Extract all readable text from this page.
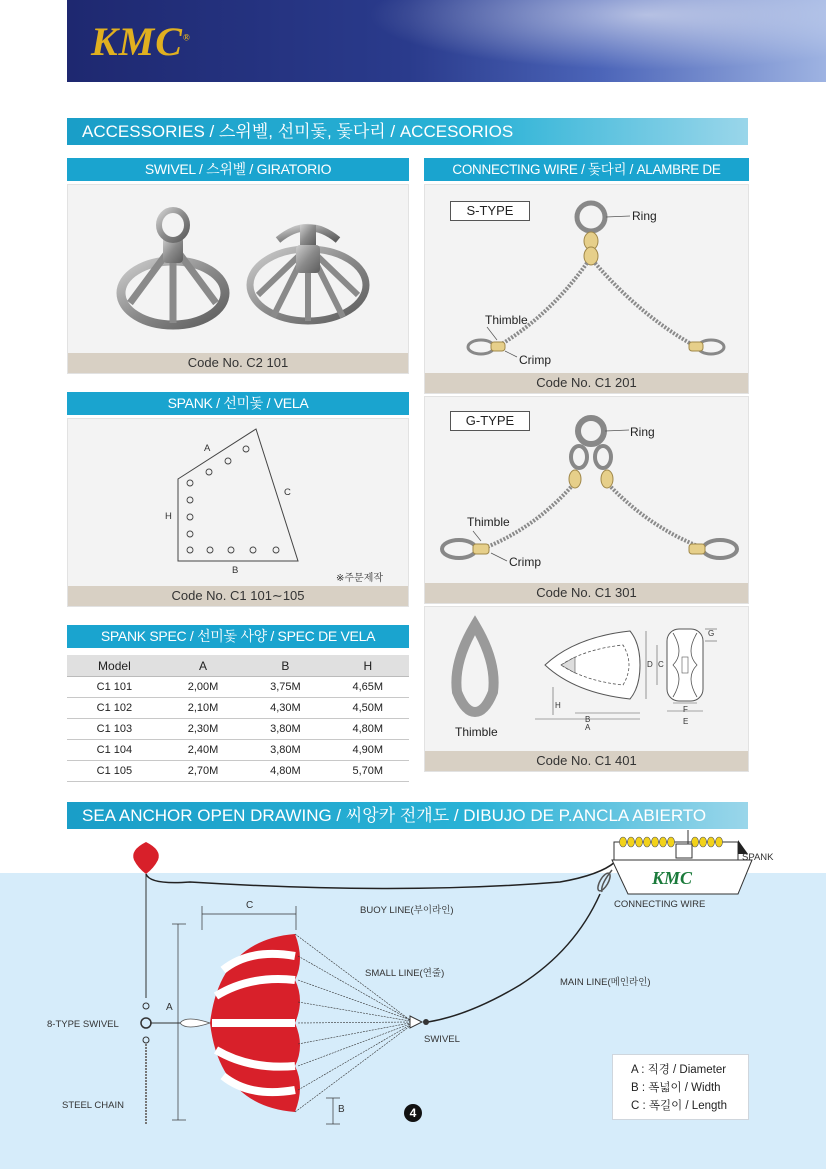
KMC®
ACCESSORIES / 스위벨, 선미돛, 돛다리 / ACCESORIOS
SWIVEL / 스위벨 / GIRATORIO
Code No. C2 101
SPANK / 선미돛 / VELA
A
C
H
B
※주문제작
Code No. C1 101∼105
SPANK SPEC / 선미돛 사양 / SPEC DE VELA
Model	A	B	H
C1 101	2,00M	3,75M	4,65M
C1 102	2,10M	4,30M	4,50M
C1 103	2,30M	3,80M	4,80M
C1 104	2,40M	3,80M	4,90M
C1 105	2,70M	4,80M	5,70M
CONNECTING WIRE / 돛다리 / ALAMBRE DE
S-TYPE	Ring
Thimble
Crimp
Code No. C1 201
G-TYPE
Ring
Thimble
Crimp
Code No. C1 301
Thimble
G
D C
H
B
A
F
E
Code No. C1 401
SEA ANCHOR OPEN DRAWING / 씨앙카 전개도 / DIBUJO DE P.ANCLA ABIERTO
KMC
SPANK
CONNECTING WIRE
BUOY LINE(부이라인)
SMALL LINE(연줄)
MAIN LINE(메인라인)
8-TYPE SWIVEL
SWIVEL
STEEL CHAIN
C
A
B
A : 직경 / Diameter
B : 폭넓이 / Width
C : 폭길이 / Length
4
